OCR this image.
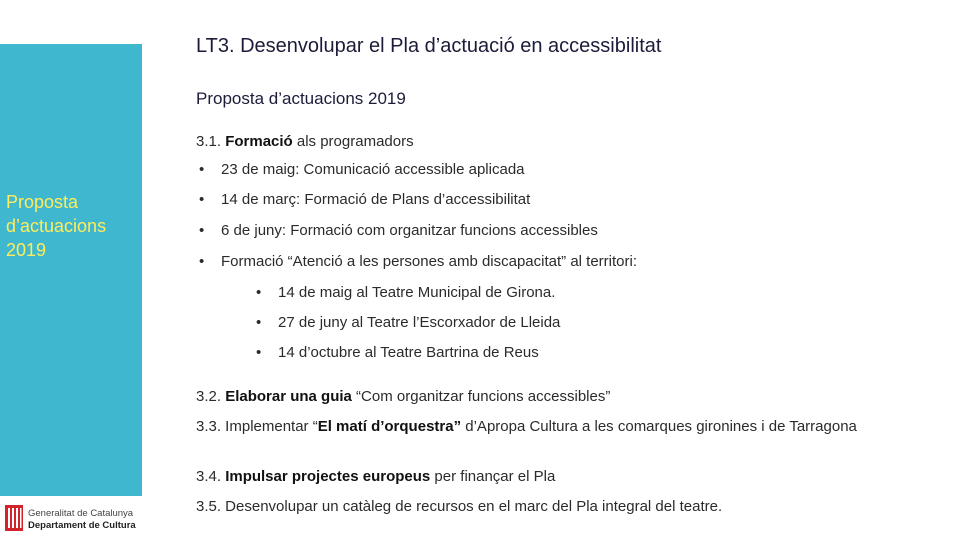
Proposta d’actuacions 2019
Generalitat de Catalunya
Departament de Cultura
LT3. Desenvolupar el Pla d’actuació en accessibilitat
Proposta d’actuacions 2019
3.1. Formació als programadors
• 23 de maig: Comunicació accessible aplicada
• 14 de març: Formació de Plans d’accessibilitat
• 6 de juny: Formació com organitzar funcions accessibles
• Formació “Atenció a les persones amb discapacitat” al territori:
• 14 de maig al Teatre Municipal de Girona.
• 27 de juny al Teatre l’Escorxador de Lleida
• 14 d’octubre al Teatre Bartrina de Reus
3.2. Elaborar una guia “Com organitzar funcions accessibles”
3.3. Implementar “El matí d’orquestra” d’Apropa Cultura a les comarques gironines i de Tarragona
3.4. Impulsar projectes europeus per finançar el Pla
3.5. Desenvolupar un catàleg de recursos en el marc del Pla integral del teatre.
